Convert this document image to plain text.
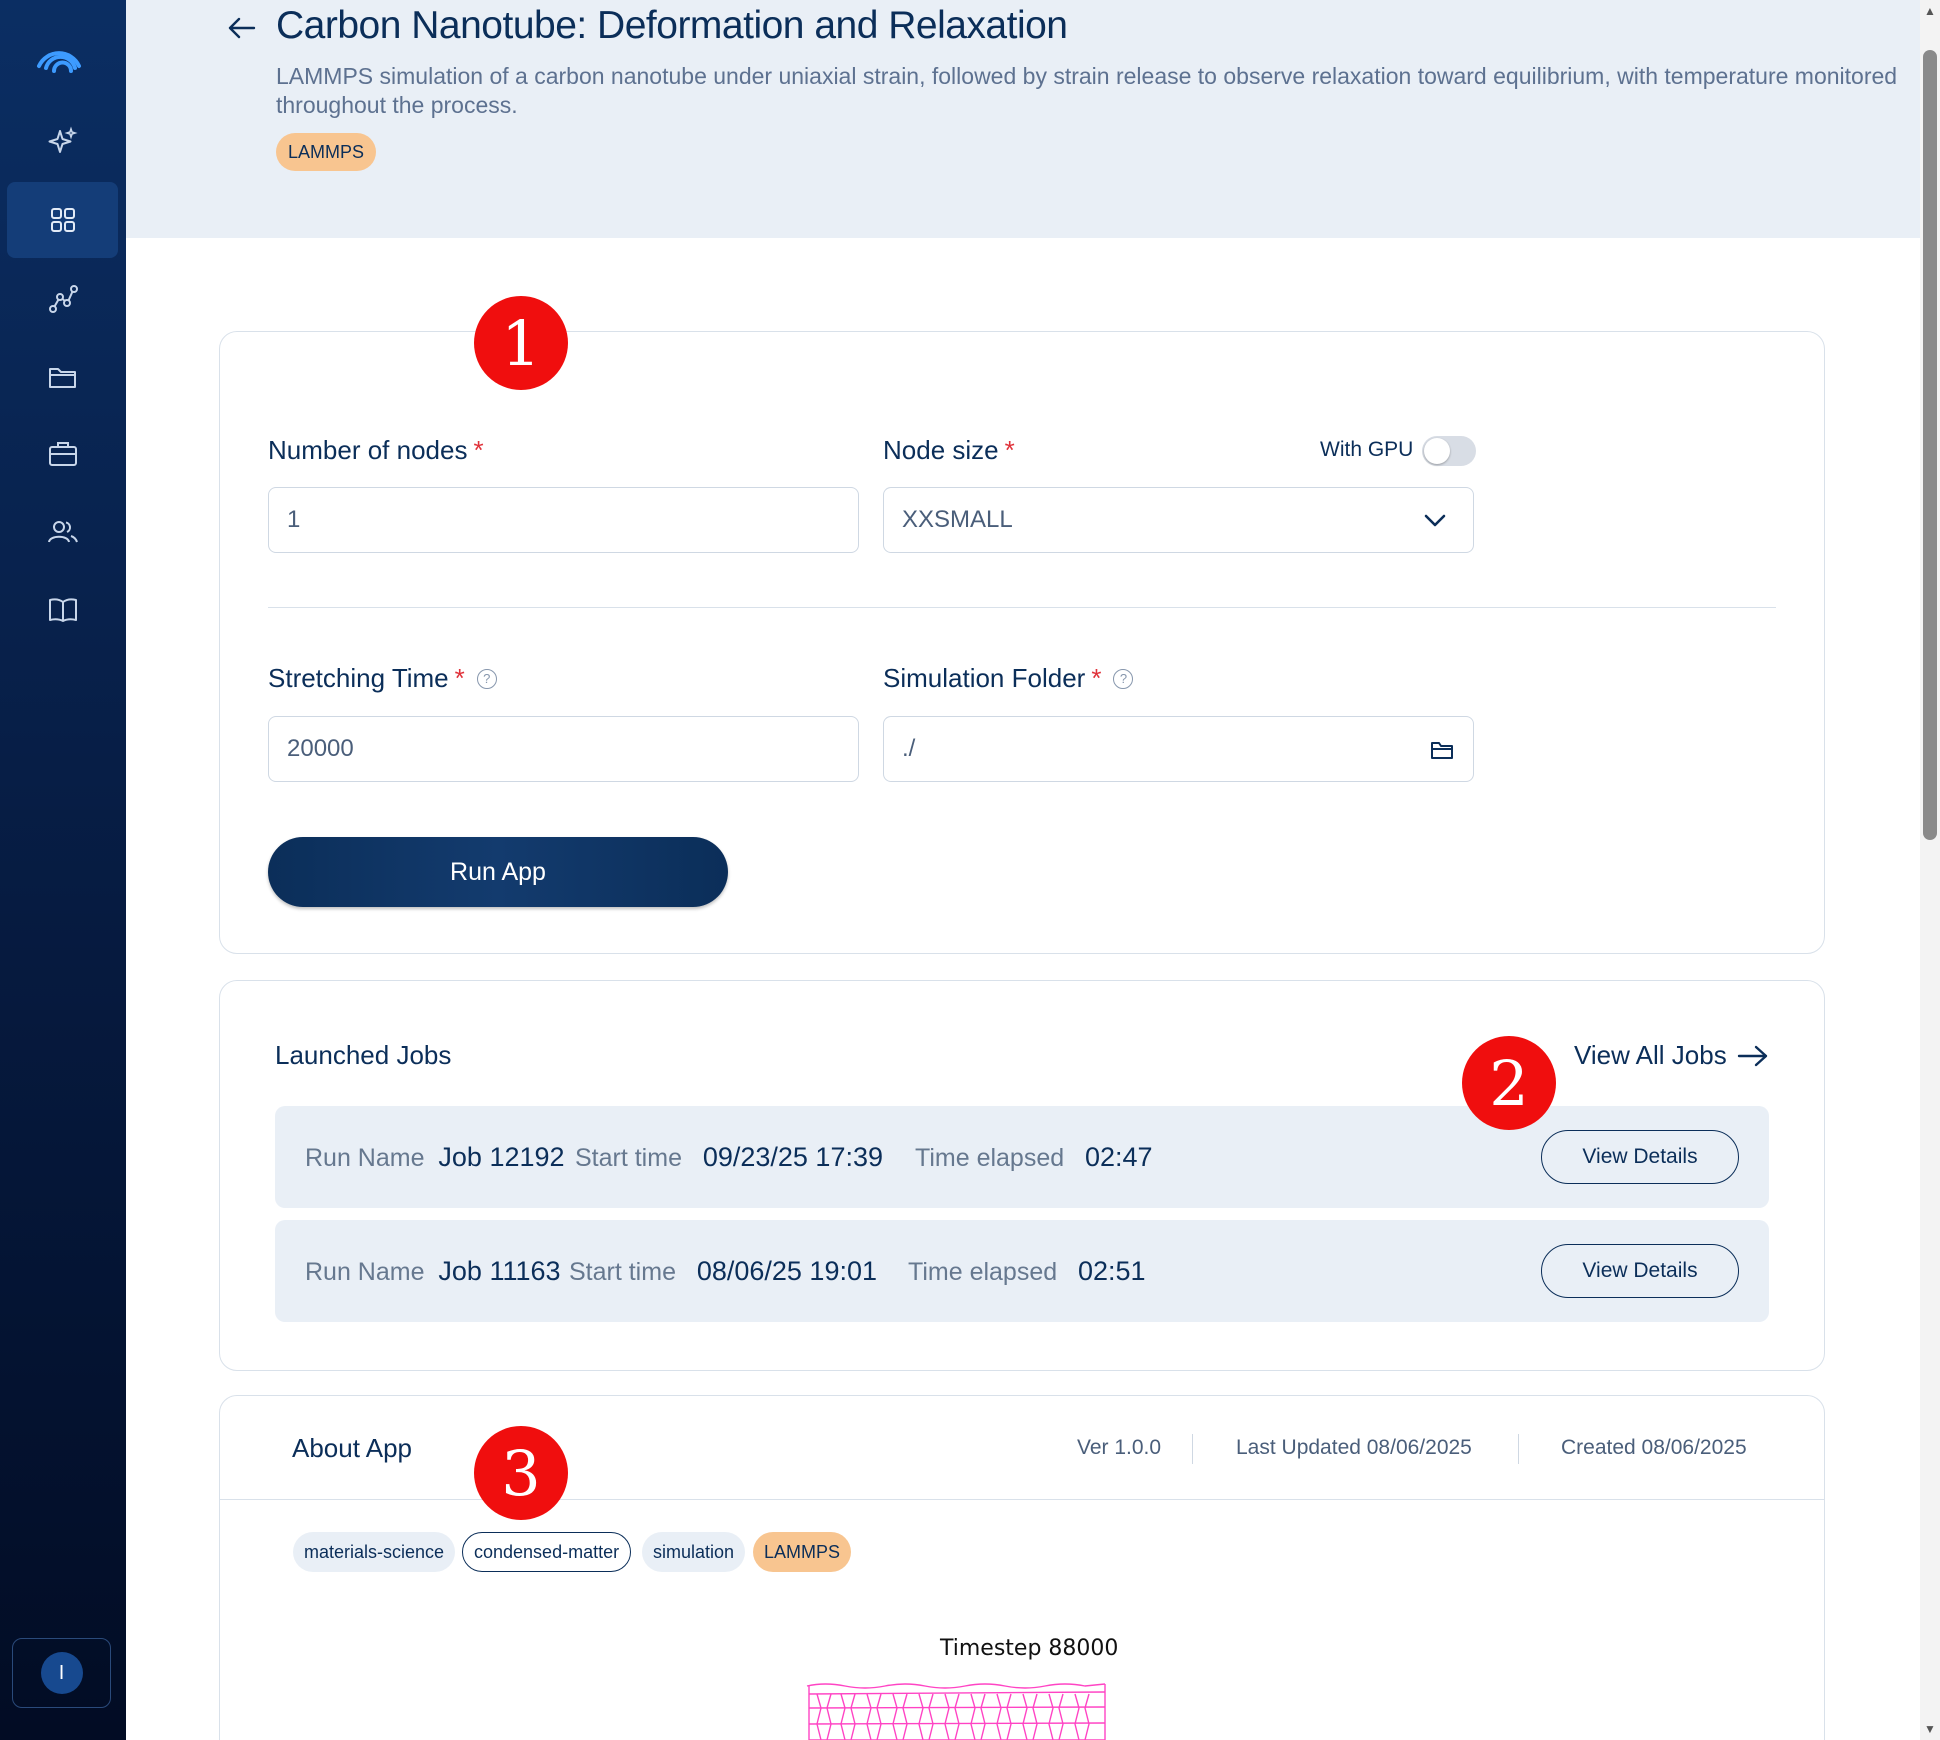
I
Carbon Nanotube: Deformation and Relaxation

LAMMPS simulation of a carbon nanotube under uniaxial strain, followed by strain release to observe relaxation toward equilibrium, with temperature monitored throughout the process.

LAMMPS
Number of nodes *
1
Node size *	With GPU
XXSMALL
Stretching Time *	?
20000
Simulation Folder *	?
./
Run App
Launched Jobs	View All Jobs
Run Name Job 12192 Start time 09/23/25 17:39 Time elapsed 02:47	View Details
Run Name Job 11163 Start time 08/06/25 19:01 Time elapsed 02:51	View Details
About App	Ver 1.0.0	Last Updated 08/06/2025	Created 08/06/2025
materials-science	condensed-matter	simulation	LAMMPS
Timestep 88000
1
2
3
▲
▼
